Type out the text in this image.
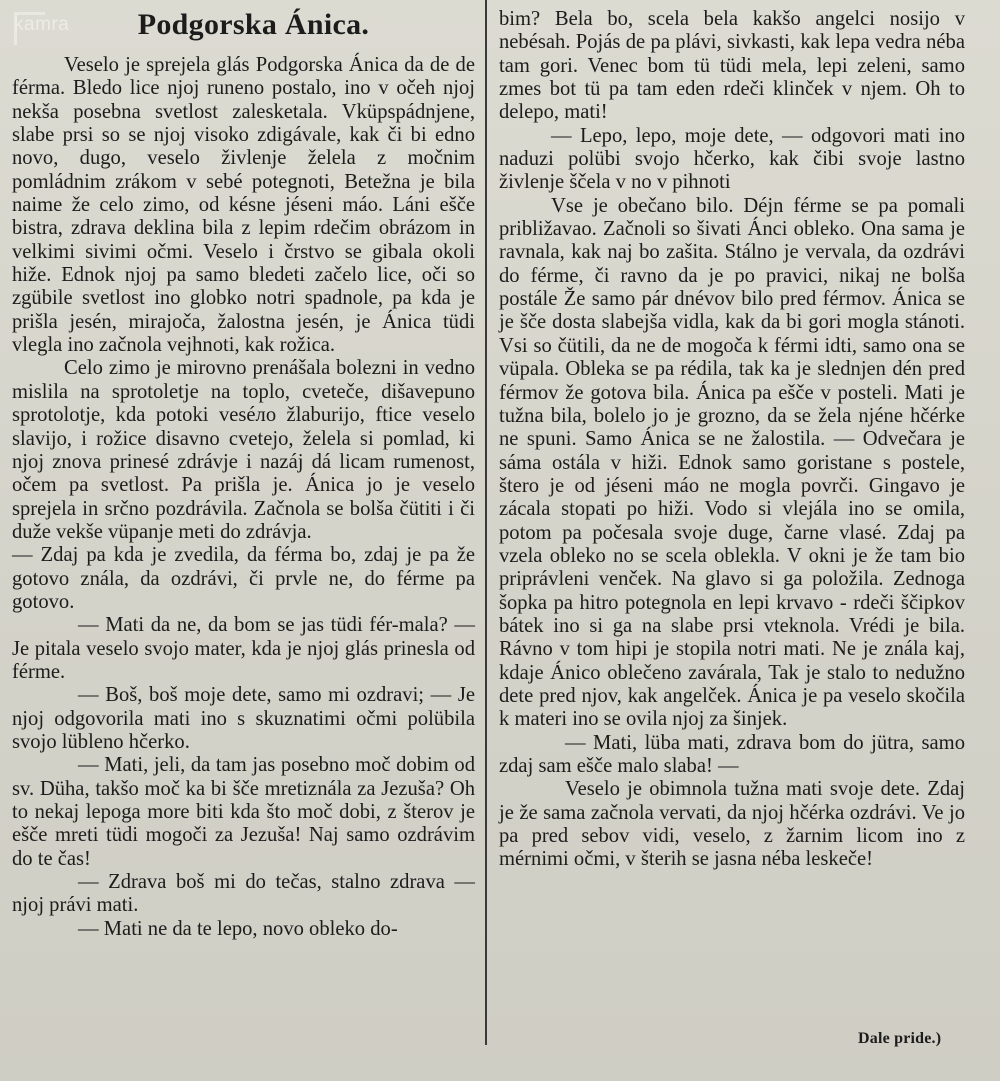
kamra	Podgorska Ánica.

Veselo je sprejela glás Podgorska Ánica da de de férma. Bledo lice njoj runeno postalo, ino v očeh njoj nekša posebna svetlost zalesketala. Vküpspádnjene, slabe prsi so se njoj visoko zdigávale, kak či bi edno novo, dugo, veselo živlenje želela z močnim pomládnim zrákom v sebé potegnoti, Betežna je bila naime že celo zimo, od késne jéseni máo. Láni ešče bistra, zdrava deklina bila z lepim rdečim obrázom in velkimi sivimi očmi. Veselo i črstvo se gibala okoli hiže. Ednok njoj pa samo bledeti začelo lice, oči so zgübile svetlost ino globko notri spadnole, pa kda je prišla jesén, mirajoča, žalostna jesén, je Ánica tüdi vlegla ino začnola vejhnoti, kak rožica.

Celo zimo je mirovno prenášala bolezni in vedno mislila na sprotoletje na toplo, cveteče, dišavepuno sprotolotje, kda potoki veséло žlaburijo, ftice veselo slavijo, i rožice disavno cvetejo, želela si pomlad, ki njoj znova prinesé zdrávje i nazáj dá licam rumenost, očem pa svetlost. Pa prišla je. Ánica jo je veselo sprejela in srčno pozdrávila. Začnola se bolša čütiti i či duže vekše vüpanje meti do zdrávja.

— Zdaj pa kda je zvedila, da férma bo, zdaj je pa že gotovo znála, da ozdrávi, či prvle ne, do férme pa gotovo.

— Mati da ne, da bom se jas tüdi fér-mala? — Je pitala veselo svojo mater, kda je njoj glás prinesla od férme.

— Boš, boš moje dete, samo mi ozdravi; — Je njoj odgovorila mati ino s skuznatimi očmi polübila svojo lübleno hčerko.

— Mati, jeli, da tam jas posebno moč dobim od sv. Düha, takšo moč ka bi šče mretiznála za Jezuša? Oh to nekaj lepoga more biti kda što moč dobi, z šterov je ešče mreti tüdi mogoči za Jezuša! Naj samo ozdrávim do te čas!

— Zdrava boš mi do tečas, stalno zdrava — njoj právi mati.

— Mati ne da te lepo, novo obleko do-

bim? Bela bo, scela bela kakšo angelci nosijo v nebésah. Pojás de pa plávi, sivkasti, kak lepa vedra néba tam gori. Venec bom tü tüdi mela, lepi zeleni, samo zmes bot tü pa tam eden rdeči klinček v njem. Oh to delepo, mati!

— Lepo, lepo, moje dete, — odgovori mati ino naduzi polübi svojo hčerko, kak čibi svoje lastno živlenje ščela v no v pihnoti

Vse je obečano bilo. Déjn férme se pa pomali približavao. Začnoli so šivati Ánci obleko. Ona sama je ravnala, kak naj bo zašita. Stálno je vervala, da ozdrávi do férme, či ravno da je po pravici, nikaj ne bolša postále Že samo pár dnévov bilo pred férmov. Ánica se je šče dosta slabejša vidla, kak da bi gori mogla stánoti. Vsi so čütili, da ne de mogoča k férmi idti, samo ona se vüpala. Obleka se pa rédila, tak ka je slednjen dén pred férmov že gotova bila. Ánica pa ešče v posteli. Mati je tužna bila, bolelo jo je grozno, da se žela njéne hčérke ne spuni. Samo Ánica se ne žalostila. — Odvečara je sáma ostála v hiži. Ednok samo goristane s postele, štero je od jéseni máo ne mogla povrči. Gingavo je zácala stopati po hiži. Vodo si vlejála ino se omila, potom pa počesala svoje duge, čarne vlasé. Zdaj pa vzela obleko no se scela oblekla. V okni je že tam bio priprávleni venček. Na glavo si ga položila. Zednoga šopka pa hitro potegnola en lepi krvavo - rdeči ščipkov bátek ino si ga na slabe prsi vteknola. Vrédi je bila. Rávno v tom hipi je stopila notri mati. Ne je znála kaj, kdaje Ánico oblečeno zavárala, Tak je stalo to nedužno dete pred njov, kak angelček. Ánica je pa veselo skočila k materi ino se ovila njoj za šinjek.

— Mati, lüba mati, zdrava bom do jütra, samo zdaj sam ešče malo slaba! —

Veselo je obimnola tužna mati svoje dete. Zdaj je že sama začnola vervati, da njoj hčérka ozdrávi. Ve jo pa pred sebov vidi, veselo, z žarnim licom ino z mérnimi očmi, v šterih se jasna néba leskeče!

Dale pride.)
